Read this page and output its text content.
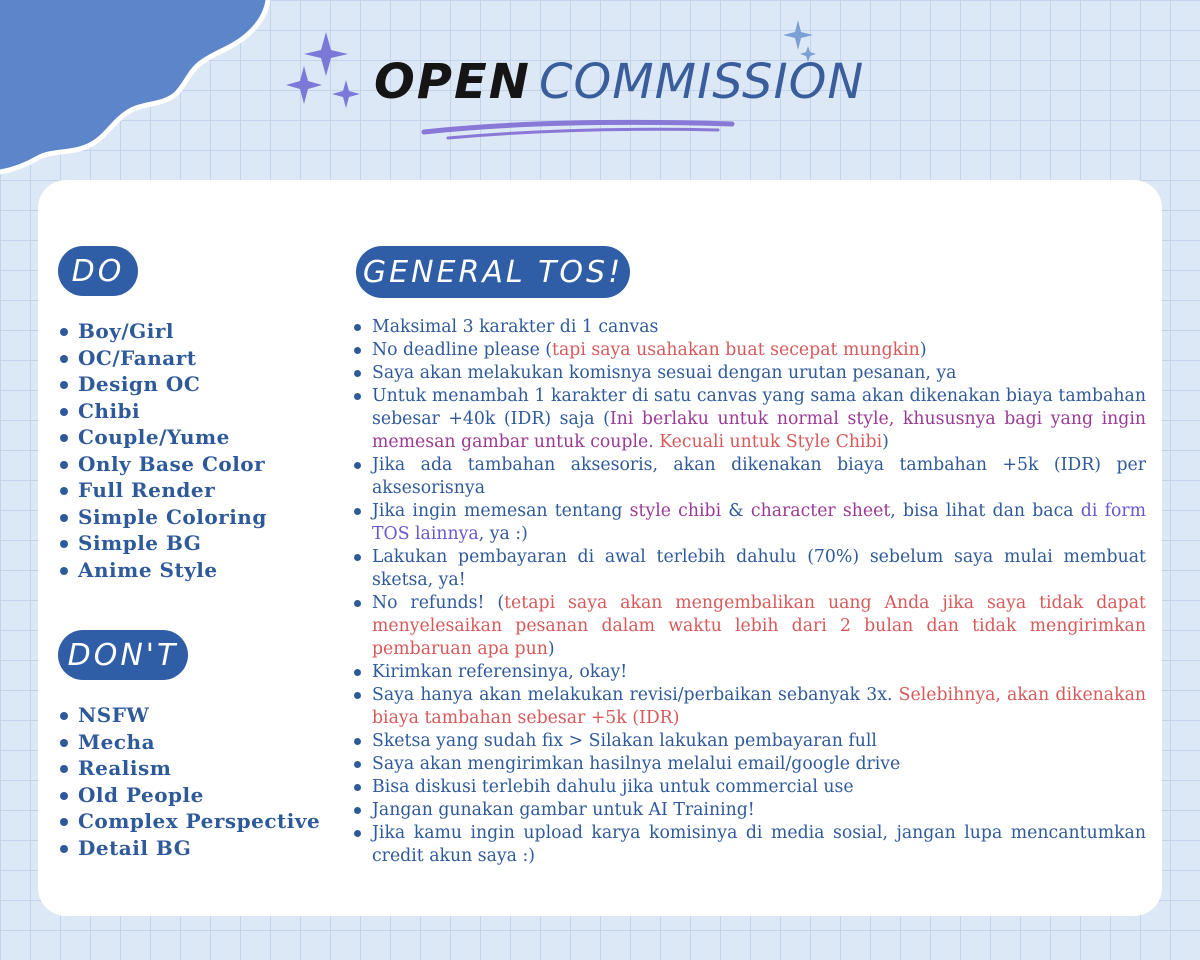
OPEN COMMISSION
DO
Boy/Girl
OC/Fanart
Design OC
Chibi
Couple/Yume
Only Base Color
Full Render
Simple Coloring
Simple BG
Anime Style
DON'T
NSFW
Mecha
Realism
Old People
Complex Perspective
Detail BG
GENERAL TOS!
Maksimal 3 karakter di 1 canvas
No deadline please (tapi saya usahakan buat secepat mungkin)
Saya akan melakukan komisnya sesuai dengan urutan pesanan, ya
Untuk menambah 1 karakter di satu canvas yang sama akan dikenakan biaya tambahan sebesar +40k (IDR) saja (Ini berlaku untuk normal style, khususnya bagi yang ingin memesan gambar untuk couple. Kecuali untuk Style Chibi)
Jika ada tambahan aksesoris, akan dikenakan biaya tambahan +5k (IDR) per aksesorisnya
Jika ingin memesan tentang style chibi & character sheet, bisa lihat dan baca di form TOS lainnya, ya :)
Lakukan pembayaran di awal terlebih dahulu (70%) sebelum saya mulai membuat sketsa, ya!
No refunds! (tetapi saya akan mengembalikan uang Anda jika saya tidak dapat menyelesaikan pesanan dalam waktu lebih dari 2 bulan dan tidak mengirimkan pembaruan apa pun)
Kirimkan referensinya, okay!
Saya hanya akan melakukan revisi/perbaikan sebanyak 3x. Selebihnya, akan dikenakan biaya tambahan sebesar +5k (IDR)
Sketsa yang sudah fix > Silakan lakukan pembayaran full
Saya akan mengirimkan hasilnya melalui email/google drive
Bisa diskusi terlebih dahulu jika untuk commercial use
Jangan gunakan gambar untuk AI Training!
Jika kamu ingin upload karya komisinya di media sosial, jangan lupa mencantumkan credit akun saya :)
